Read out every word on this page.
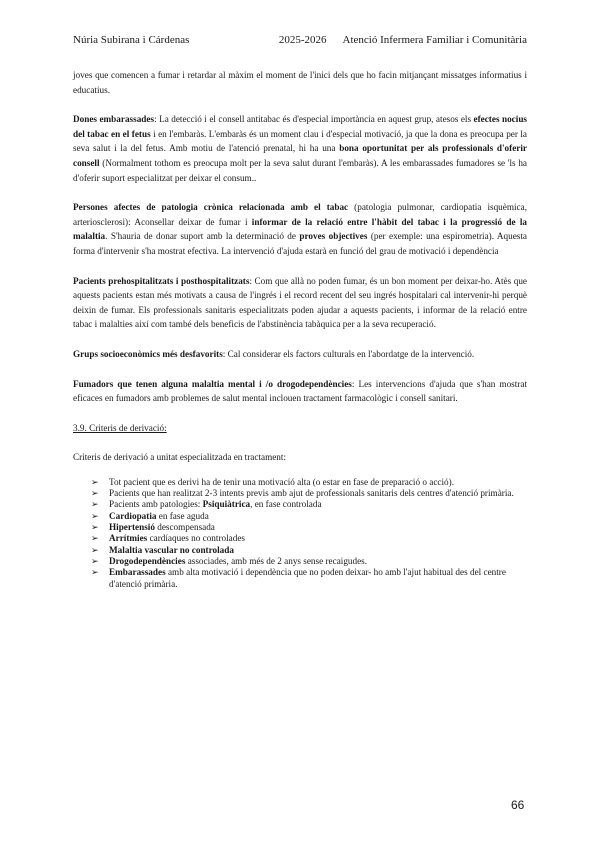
Núria Subirana i Cárdenas	2025-2026 Atenció Infermera Familiar i Comunitària

joves que comencen a fumar i retardar al màxim el moment de l'inici dels que ho facin mitjançant missatges informatius i educatius.

Dones embarassades: La detecció i el consell antitabac és d'especial importància en aquest grup, atesos els efectes nocius del tabac en el fetus i en l'embaràs. L'embaràs és un moment clau i d'especial motivació, ja que la dona es preocupa per la seva salut i la del fetus. Amb motiu de l'atenció prenatal, hi ha una bona oportunitat per als professionals d'oferir consell (Normalment tothom es preocupa molt per la seva salut durant l'embaràs). A les embarassades fumadores se 'ls ha d'oferir suport especialitzat per deixar el consum..

Persones afectes de patologia crònica relacionada amb el tabac (patologia pulmonar, cardiopatia isquèmica, arteriosclerosi): Aconsellar deixar de fumar i informar de la relació entre l'hàbit del tabac i la progressió de la malaltia. S'hauria de donar suport amb la determinació de proves objectives (per exemple: una espirometria). Aquesta forma d'intervenir s'ha mostrat efectiva. La intervenció d'ajuda estarà en funció del grau de motivació i dependència

Pacients prehospitalitzats i posthospitalitzats: Com que allà no poden fumar, és un bon moment per deixar-ho. Atès que aquests pacients estan més motivats a causa de l'ingrés i el record recent del seu ingrés hospitalari cal intervenir-hi perquè deixin de fumar. Els professionals sanitaris especialitzats poden ajudar a aquests pacients, i informar de la relació entre tabac i malalties així com també dels beneficis de l'abstinència tabàquica per a la seva recuperació.

Grups socioeconòmics més desfavorits: Cal considerar els factors culturals en l'abordatge de la intervenció.

Fumadors que tenen alguna malaltia mental i /o drogodependències: Les intervencions d'ajuda que s'han mostrat eficaces en fumadors amb problemes de salut mental inclouen tractament farmacològic i consell sanitari.

3.9. Criteris de derivació:

Criteris de derivació a unitat especialitzada en tractament:

➢ Tot pacient que es derivi ha de tenir una motivació alta (o estar en fase de preparació o acció).
➢ Pacients que han realitzat 2-3 intents previs amb ajut de professionals sanitaris dels centres d'atenció primària.
➢ Pacients amb patologies: Psiquiàtrica, en fase controlada
➢ Cardiopatia en fase aguda
➢ Hipertensió descompensada
➢ Arrítmies cardíaques no controlades
➢ Malaltia vascular no controlada
➢ Drogodependències associades, amb més de 2 anys sense recaigudes.
➢ Embarassades amb alta motivació i dependència que no poden deixar- ho amb l'ajut habitual des del centre d'atenció primària.
66
